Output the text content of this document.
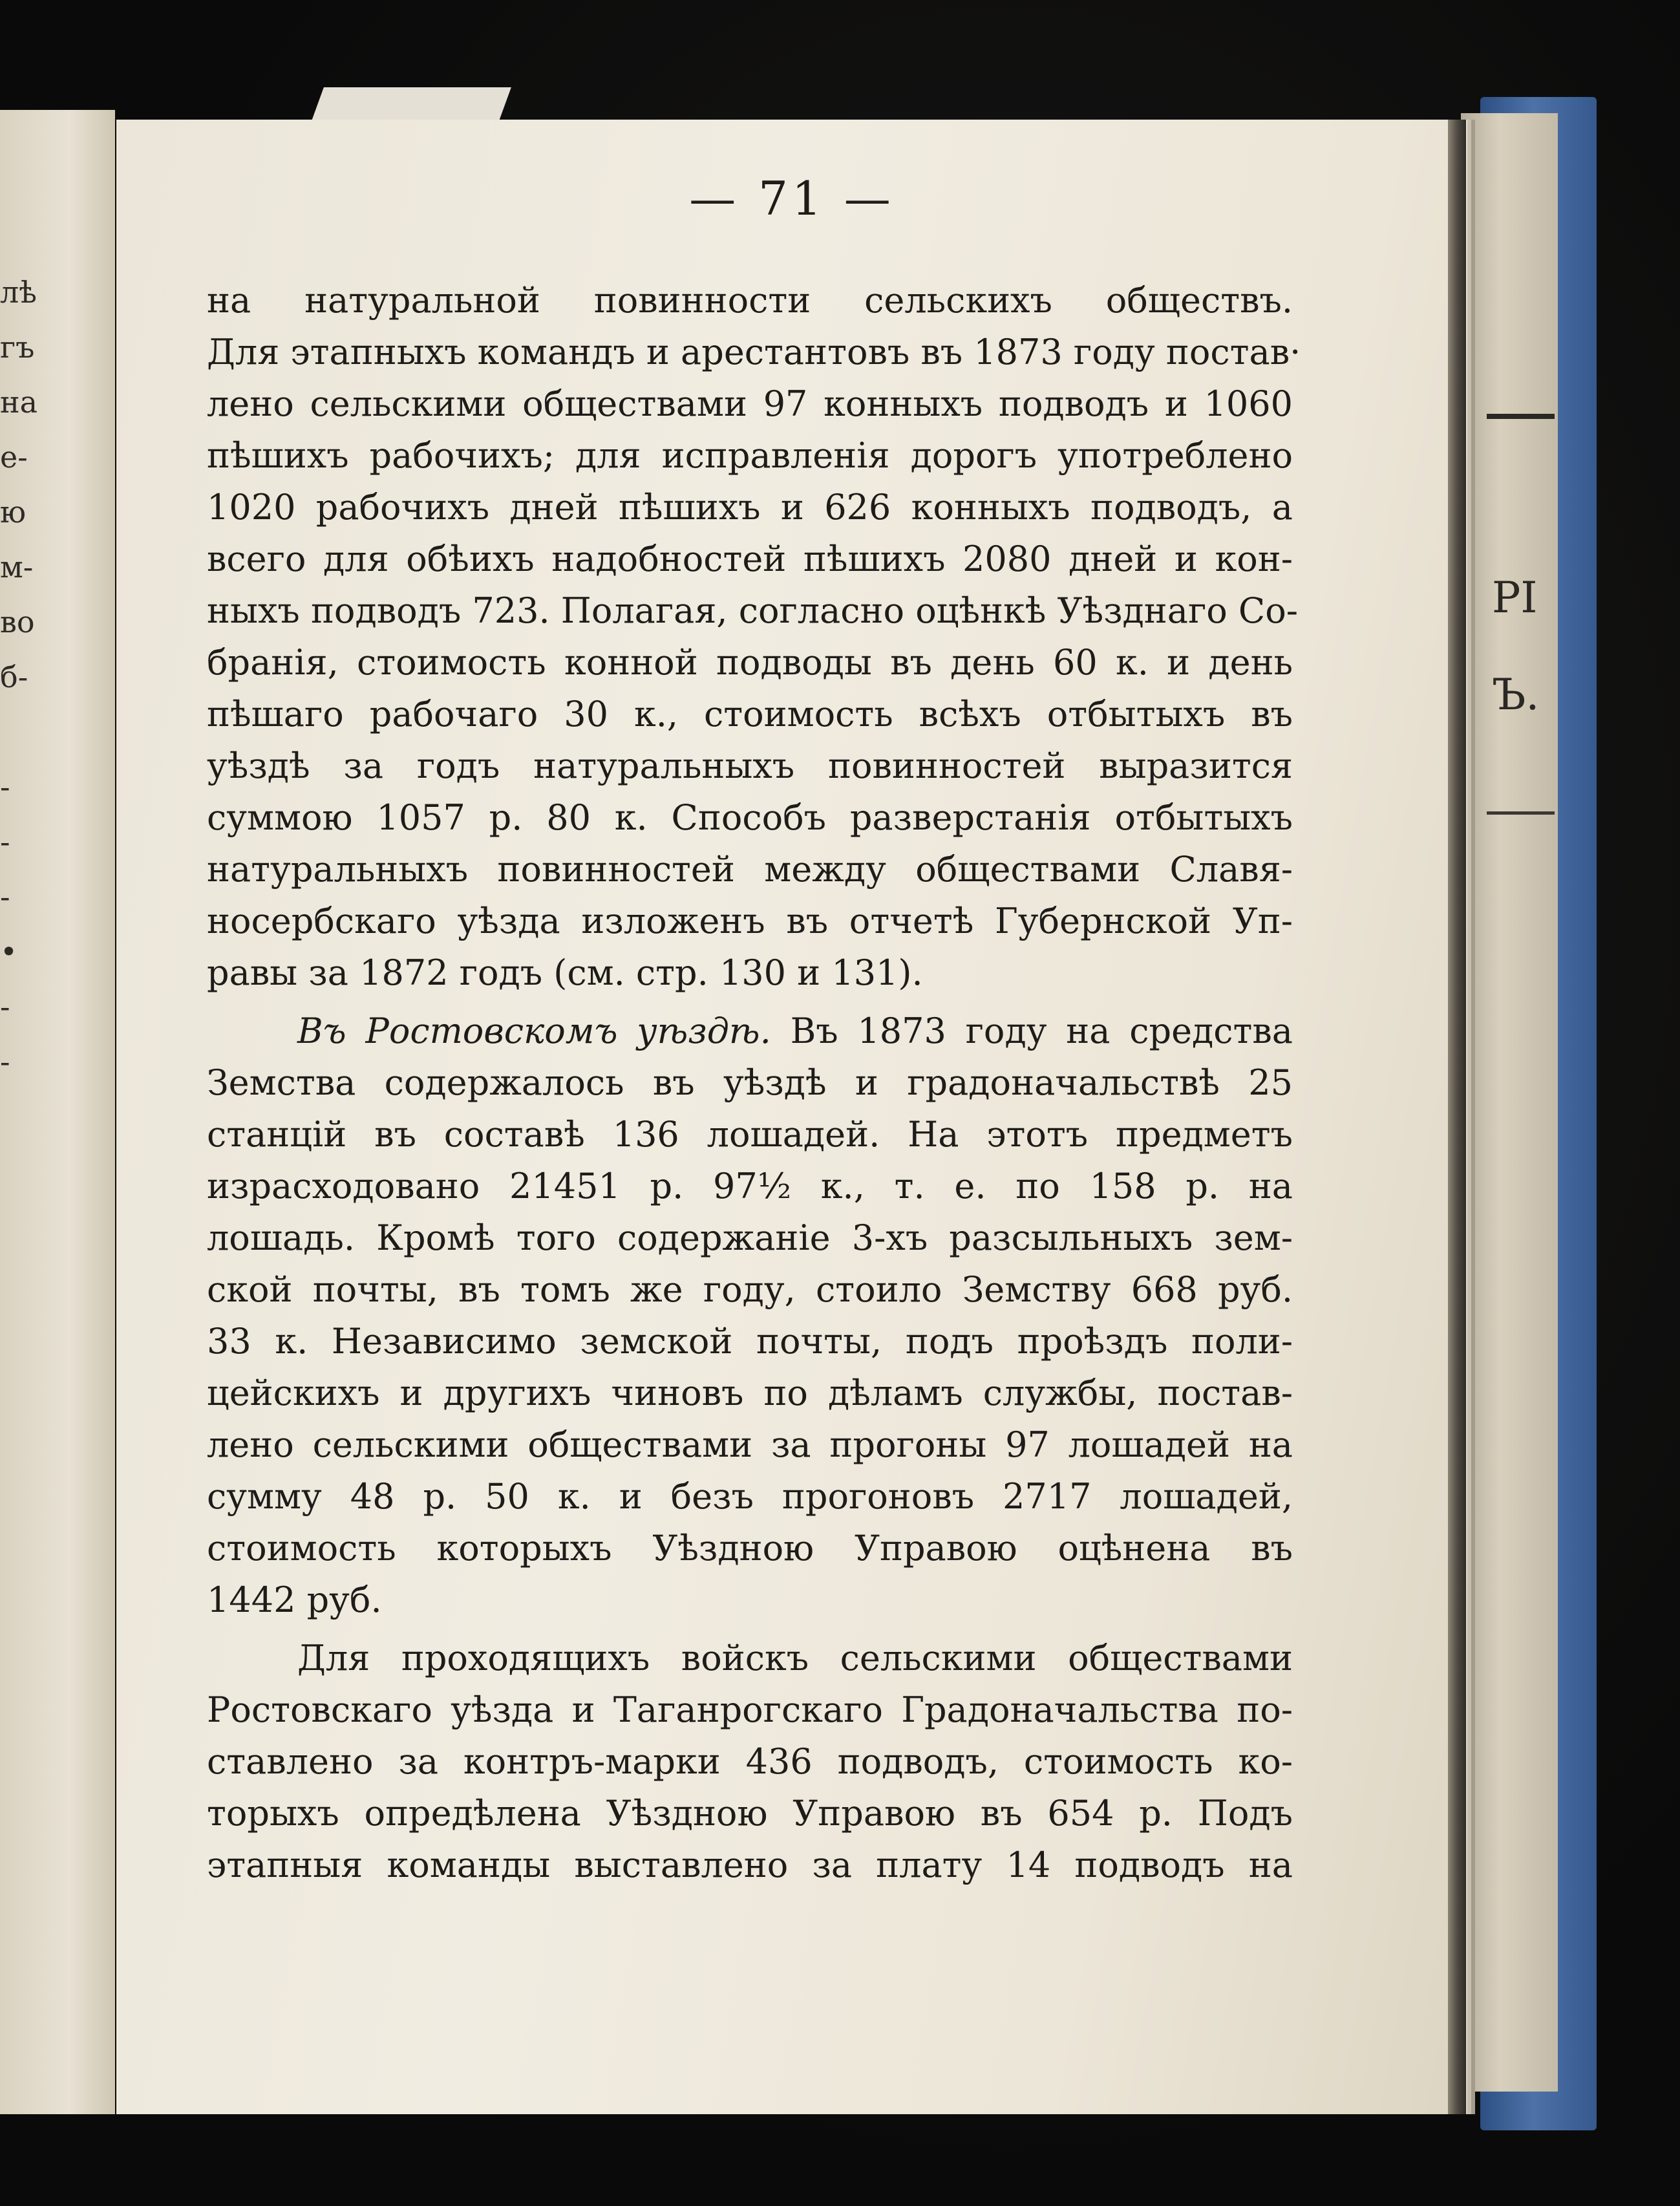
PI
Ъ.
лѣ
гъ
на
е-
ю
м-
во
б-
-
-
-
•
-
-
— 71 —
на натуральной повинности сельскихъ обществъ.
Для этапныхъ командъ и арестантовъ въ 1873 году постав·
лено сельскими обществами 97 конныхъ подводъ и 1060
пѣшихъ рабочихъ; для исправленія дорогъ употреблено
1020 рабочихъ дней пѣшихъ и 626 конныхъ подводъ, а
всего для обѣихъ надобностей пѣшихъ 2080 дней и кон-
ныхъ подводъ 723. Полагая, согласно оцѣнкѣ Уѣзднаго Со-
бранія, стоимость конной подводы въ день 60 к. и день
пѣшаго рабочаго 30 к., стоимость всѣхъ отбытыхъ въ
уѣздѣ за годъ натуральныхъ повинностей выразится
суммою 1057 р. 80 к. Способъ разверстанія отбытыхъ
натуральныхъ повинностей между обществами Славя-
носербскаго уѣзда изложенъ въ отчетѣ Губернской Уп-
равы за 1872 годъ (см. стр. 130 и 131).
Въ Ростовскомъ уѣздѣ. Въ 1873 году на средства
Земства содержалось въ уѣздѣ и градоначальствѣ 25
станцій въ составѣ 136 лошадей. На этотъ предметъ
израсходовано 21451 р. 97½ к., т. е. по 158 р. на
лошадь. Кромѣ того содержаніе 3-хъ разсыльныхъ зем-
ской почты, въ томъ же году, стоило Земству 668 руб.
33 к. Независимо земской почты, подъ проѣздъ поли-
цейскихъ и другихъ чиновъ по дѣламъ службы, постав-
лено сельскими обществами за прогоны 97 лошадей на
сумму 48 р. 50 к. и безъ прогоновъ 2717 лошадей,
стоимость которыхъ Уѣздною Управою оцѣнена въ
1442 руб.
Для проходящихъ войскъ сельскими обществами
Ростовскаго уѣзда и Таганрогскаго Градоначальства по-
ставлено за контръ-марки 436 подводъ, стоимость ко-
торыхъ опредѣлена Уѣздною Управою въ 654 р. Подъ
этапныя команды выставлено за плату 14 подводъ на
